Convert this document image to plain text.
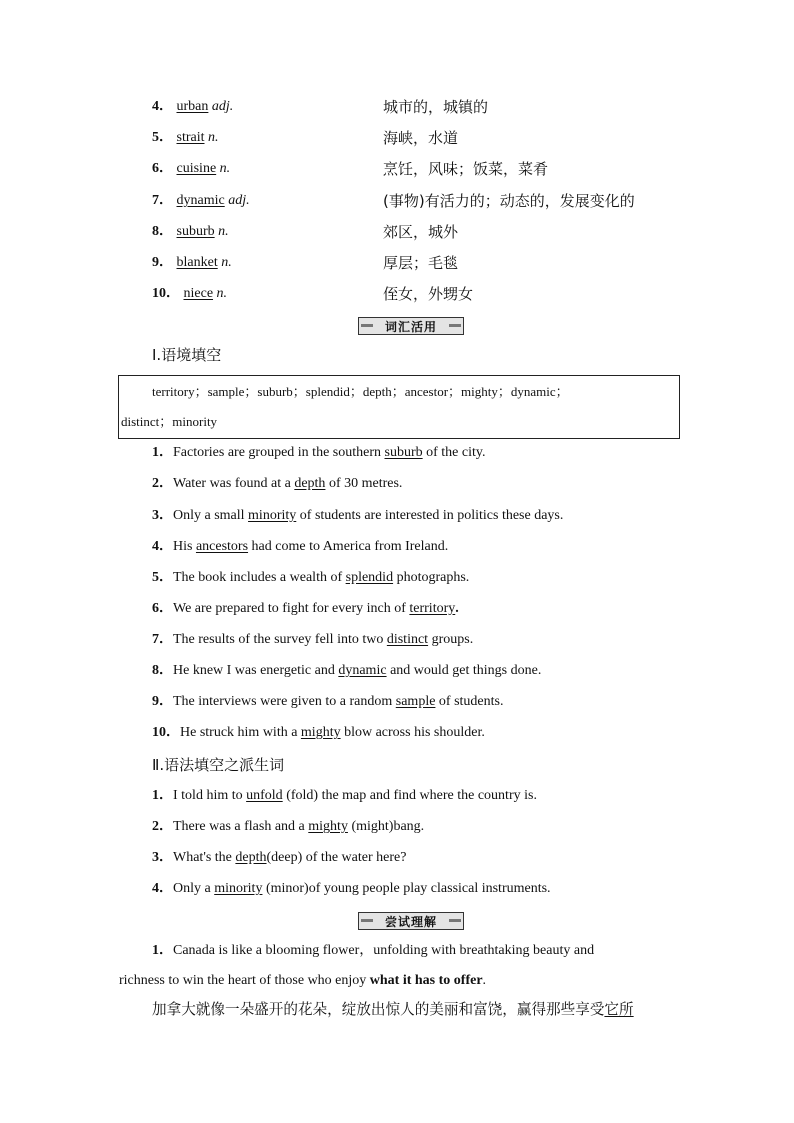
4． urban adj.	城市的，城镇的
5． strait n.	海峡，水道
6． cuisine n.	烹饪，风味；饭菜，菜肴
7． dynamic adj.	(事物)有活力的；动态的，发展变化的
8． suburb n.	郊区，城外
9． blanket n.	厚层；毛毯
10． niece n.	侄女，外甥女
词汇活用
Ⅰ.语境填空
territory；sample；suburb；splendid；depth；ancestor；mighty；dynamic；
distinct；minority
1．Factories are grouped in the southern suburb of the city.
2．Water was found at a depth of 30 metres.
3．Only a small minority of students are interested in politics these days.
4．His ancestors had come to America from Ireland.
5．The book includes a wealth of splendid photographs.
6．We are prepared to fight for every inch of territory.
7．The results of the survey fell into two distinct groups.
8．He knew I was energetic and dynamic and would get things done.
9．The interviews were given to a random sample of students.
10．He struck him with a mighty blow across his shoulder.
Ⅱ.语法填空之派生词
1．I told him to unfold (fold) the map and find where the country is.
2．There was a flash and a mighty (might)bang.
3．What's the depth(deep) of the water here?
4．Only a minority (minor)of young people play classical instruments.
尝试理解
1．Canada is like a blooming flower，unfolding with breathtaking beauty and
richness to win the heart of those who enjoy what it has to offer.
加拿大就像一朵盛开的花朵，绽放出惊人的美丽和富饶，赢得那些享受它所
